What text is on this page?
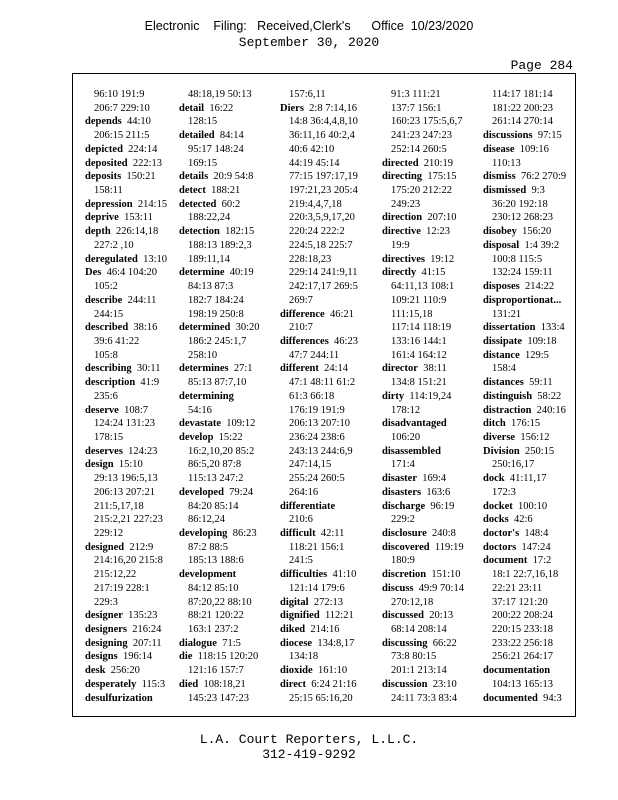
Electronic    Filing:   Received,Clerk's      Office  10/23/2020
September 30, 2020
Page 284
96:10 191:9
206:7 229:10
depends  44:10
206:15 211:5
depicted  224:14
deposited  222:13
deposits  150:21
158:11
depression  214:15
deprive  153:11
depth  226:14,18
227:2 ,10
deregulated  13:10
Des  46:4 104:20
105:2
describe  244:11
244:15
described  38:16
39:6 41:22
105:8
describing  30:11
description  41:9
235:6
deserve  108:7
124:24 131:23
178:15
deserves  124:23
design  15:10
29:13 196:5,13
206:13 207:21
211:5,17,18
215:2,21 227:23
229:12
designed  212:9
214:16,20 215:8
215:12,22
217:19 228:1
229:3
designer  135:23
designers  216:24
designing  207:11
designs  196:14
desk  256:20
desperately  115:3
desulfurization
48:18,19 50:13
detail  16:22
128:15
detailed  84:14
95:17 148:24
169:15
details  20:9 54:8
detect  188:21
detected  60:2
188:22,24
detection  182:15
188:13 189:2,3
189:11,14
determine  40:19
84:13 87:3
182:7 184:24
198:19 250:8
determined  30:20
186:2 245:1,7
258:10
determines  27:1
85:13 87:7,10
determining
54:16
devastate  109:12
develop  15:22
16:2,10,20 85:2
86:5,20 87:8
115:13 247:2
developed  79:24
84:20 85:14
86:12,24
developing  86:23
87:2 88:5
185:13 188:6
development
84:12 85:10
87:20,22 88:10
88:21 120:22
163:1 237:2
dialogue  71:5
die  118:15 120:20
121:16 157:7
died  108:18,21
145:23 147:23
157:6,11
Diers  2:8 7:14,16
14:8 36:4,4,8,10
36:11,16 40:2,4
40:6 42:10
44:19 45:14
77:15 197:17,19
197:21,23 205:4
219:4,4,7,18
220:3,5,9,17,20
220:24 222:2
224:5,18 225:7
228:18,23
229:14 241:9,11
242:17,17 269:5
269:7
difference  46:21
210:7
differences  46:23
47:7 244:11
different  24:14
47:1 48:11 61:2
61:3 66:18
176:19 191:9
206:13 207:10
236:24 238:6
243:13 244:6,9
247:14,15
255:24 260:5
264:16
differentiate
210:6
difficult  42:11
118:21 156:1
241:5
difficulties  41:10
121:14 179:6
digital  272:13
dignified  112:21
diked  214:16
diocese  134:8,17
134:18
dioxide  161:10
direct  6:24 21:16
25:15 65:16,20
91:3 111:21
137:7 156:1
160:23 175:5,6,7
241:23 247:23
252:14 260:5
directed  210:19
directing  175:15
175:20 212:22
249:23
direction  207:10
directive  12:23
19:9
directives  19:12
directly  41:15
64:11,13 108:1
109:21 110:9
111:15,18
117:14 118:19
133:16 144:1
161:4 164:12
director  38:11
134:8 151:21
dirty  114:19,24
178:12
disadvantaged
106:20
disassembled
171:4
disaster  169:4
disasters  163:6
discharge  96:19
229:2
disclosure  240:8
discovered  119:19
180:9
discretion  151:10
discuss  49:9 70:14
270:12,18
discussed  20:13
68:14 208:14
discussing  66:22
73:8 80:15
201:1 213:14
discussion  23:10
24:11 73:3 83:4
114:17 181:14
181:22 200:23
261:14 270:14
discussions  97:15
disease  109:16
110:13
dismiss  76:2 270:9
dismissed  9:3
36:20 192:18
230:12 268:23
disobey  156:20
disposal  1:4 39:2
100:8 115:5
132:24 159:11
disposes  214:22
disproportionat...
131:21
dissertation  133:4
dissipate  109:18
distance  129:5
158:4
distances  59:11
distinguish  58:22
distraction  240:16
ditch  176:15
diverse  156:12
Division  250:15
250:16,17
dock  41:11,17
172:3
docket  100:10
docks  42:6
doctor's  148:4
doctors  147:24
document  17:2
18:1 22:7,16,18
22:21 23:11
37:17 121:20
200:22 208:24
220:15 233:18
233:22 256:18
256:21 264:17
documentation
104:13 165:13
documented  94:3
L.A. Court Reporters, L.L.C.
312-419-9292
